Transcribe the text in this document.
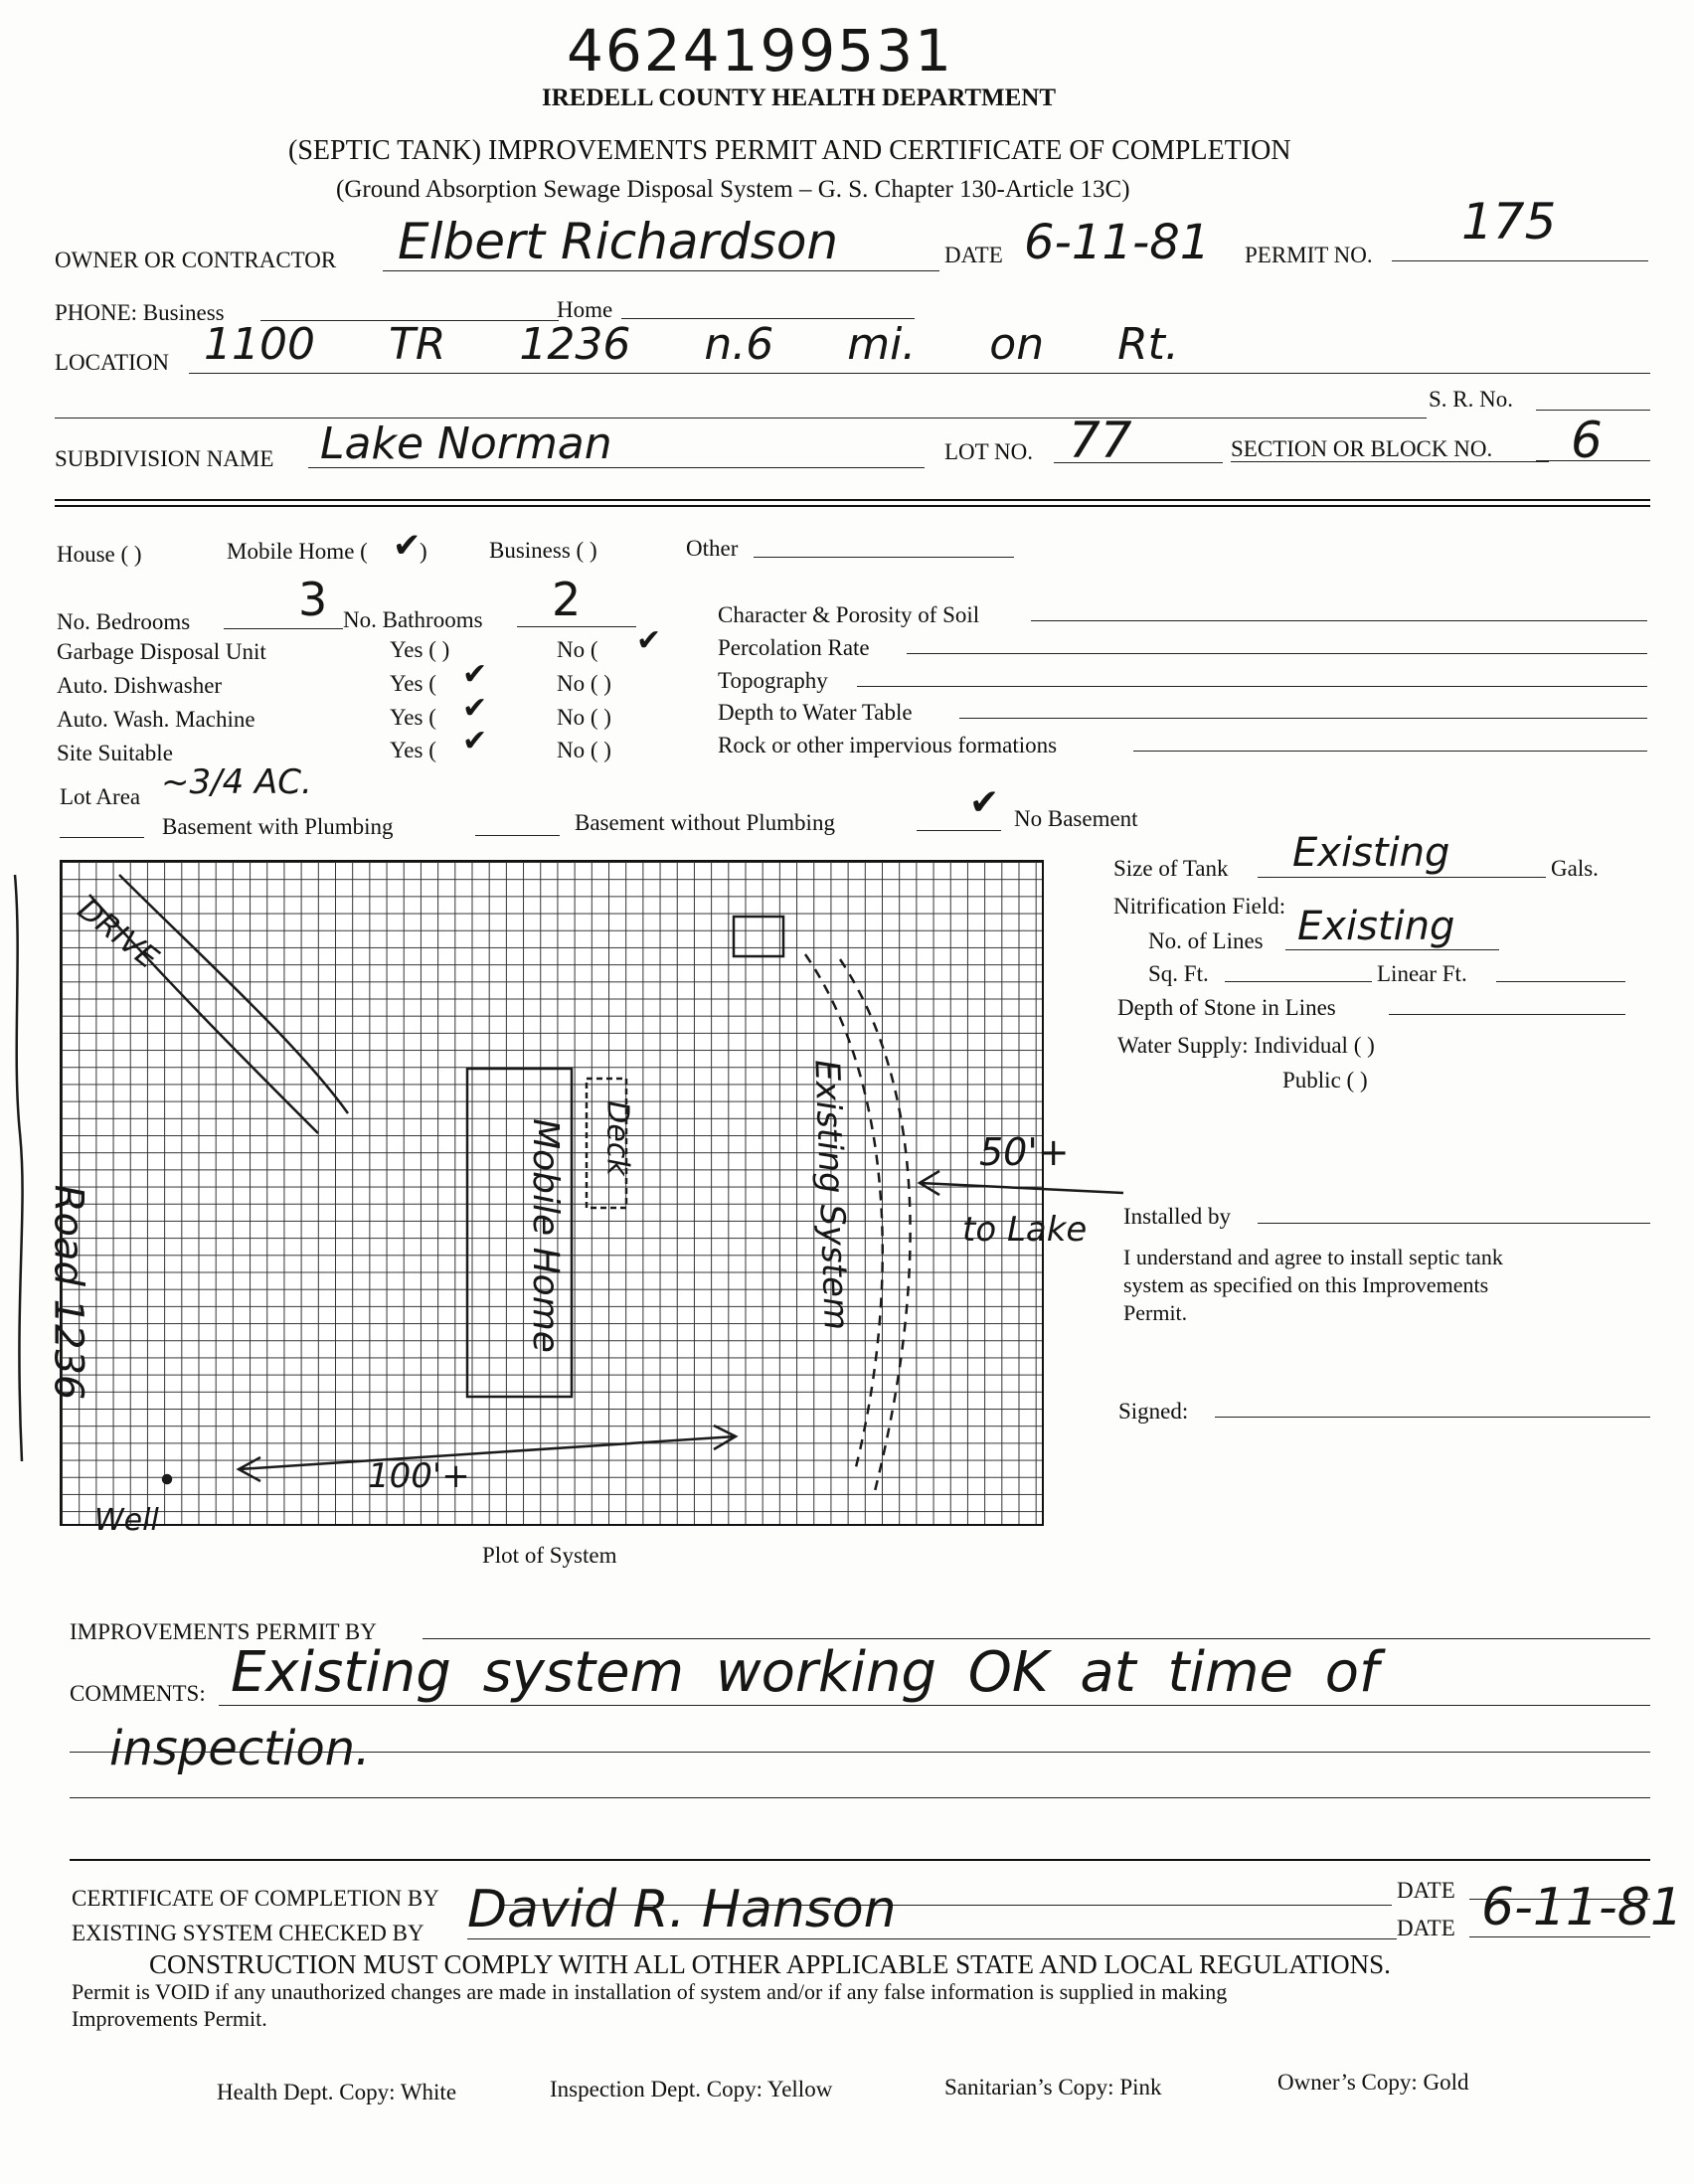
4624199531
IREDELL COUNTY HEALTH DEPARTMENT
(SEPTIC TANK) IMPROVEMENTS PERMIT AND CERTIFICATE OF COMPLETION
(Ground Absorption Sewage Disposal System – G. S. Chapter 130-Article 13C)
OWNER OR CONTRACTOR Elbert Richardson	DATE 6-11-81 PERMIT NO.
175
PHONE: Business	Home
LOCATION 1100 TR 1236 n.6 mi. on Rt.
S. R. No.
SUBDIVISION NAME Lake Norman	LOT NO. 77	SECTION OR BLOCK NO. 6
House ( )	Mobile Home ( ✔
)	Business ( )	Other
No. Bedrooms 3 No. Bathrooms 2
Garbage Disposal Unit	Yes ( )	No ( ✔
Auto. Dishwasher	Yes ( ✔	No ( )
Auto. Wash. Machine	Yes ( ✔	No ( )
Site Suitable	Yes ( ✔	No ( )
Lot Area ~3/4 AC.
Character & Porosity of Soil
Percolation Rate
Topography
Depth to Water Table
Rock or other impervious formations
Basement with Plumbing	Basement without Plumbing	✔ No Basement
Size of Tank Existing	Gals.
Nitrification Field:
No. of Lines Existing
Sq. Ft.	Linear Ft.
Depth of Stone in Lines
Water Supply: Individual ( )
Public ( )
Installed by
I understand and agree to install septic tank
system as specified on this Improvements
Permit.
Signed:
DRIVE
Road 1236
Well
Deck
Mobile Home	Existing System	50'+
to Lake
100'+
Plot of System
IMPROVEMENTS PERMIT BY
COMMENTS: Existing system working OK at time of
inspection.
CERTIFICATE OF COMPLETION BY	DATE
EXISTING SYSTEM CHECKED BY David R. Hanson	DATE 6-11-81
CONSTRUCTION MUST COMPLY WITH ALL OTHER APPLICABLE STATE AND LOCAL REGULATIONS.
Permit is VOID if any unauthorized changes are made in installation of system and/or if any false information is supplied in making
Improvements Permit.
Health Dept. Copy: White	Inspection Dept. Copy: Yellow	Sanitarian’s Copy: Pink	Owner’s Copy: Gold
